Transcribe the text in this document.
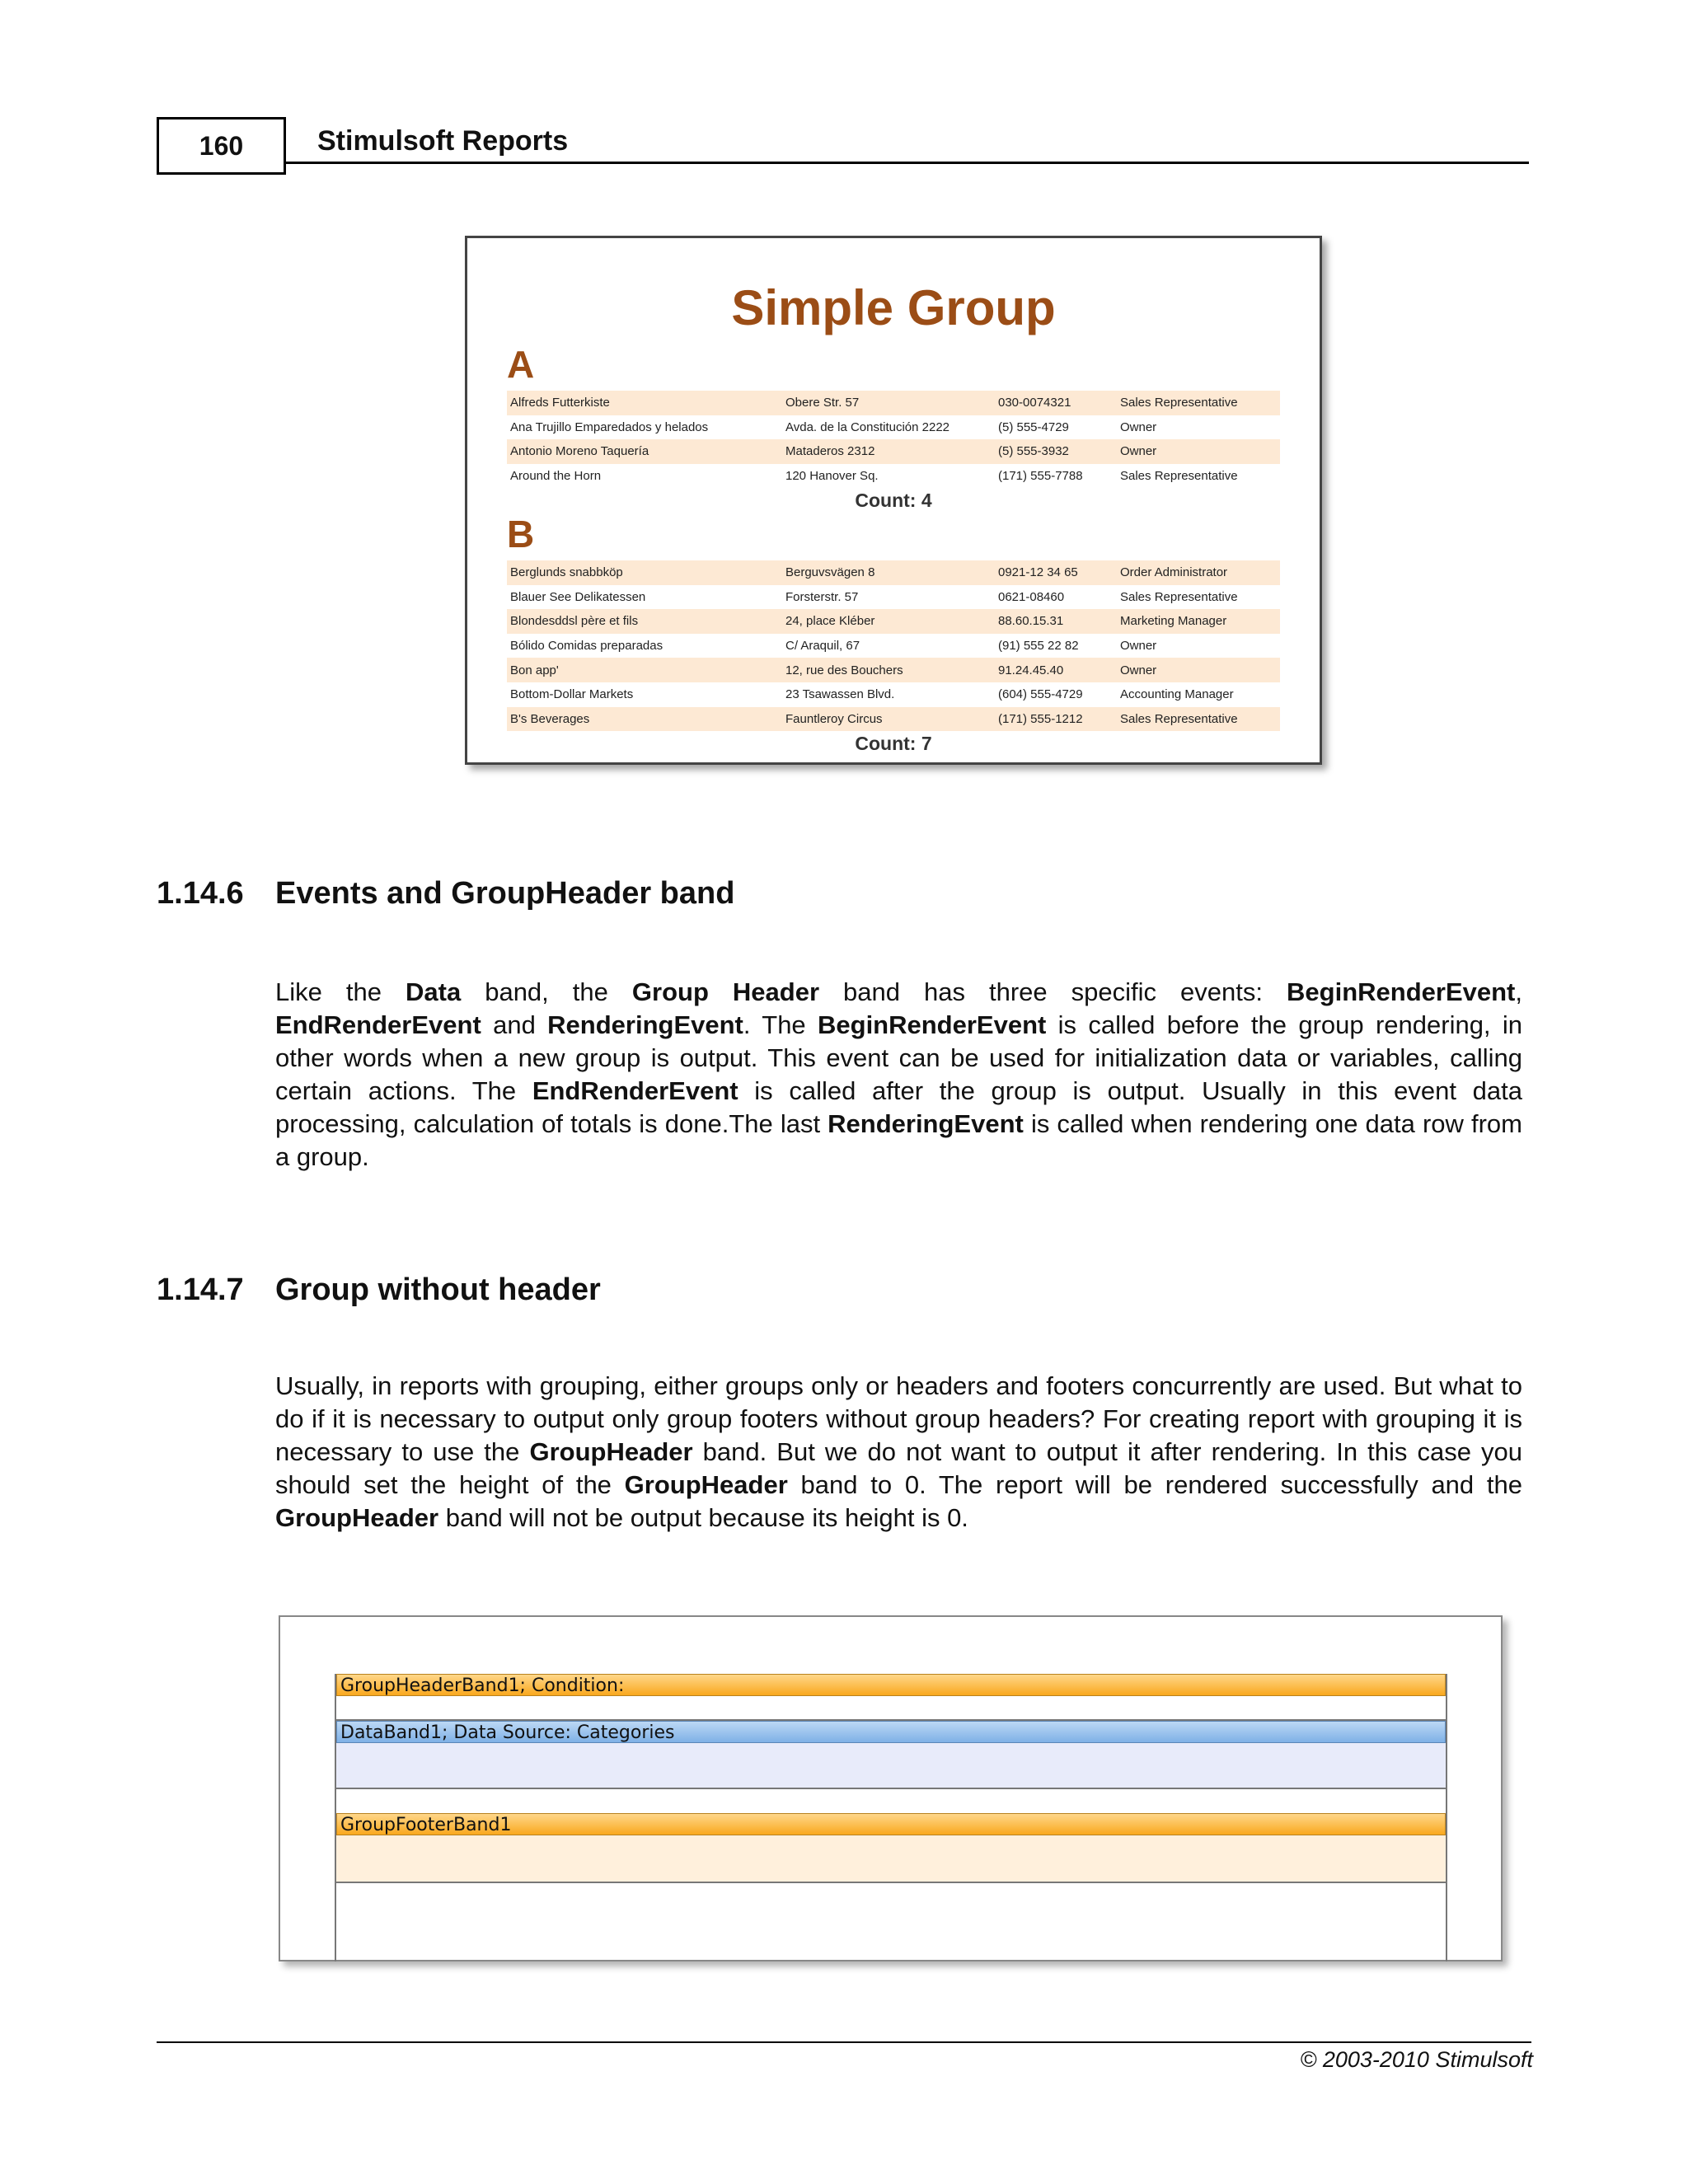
160	Stimulsoft Reports
Simple Group
A
Alfreds Futterkiste	Obere Str. 57	030-0074321	Sales Representative
Ana Trujillo Emparedados y helados	Avda. de la Constitución 2222	(5) 555-4729	Owner
Antonio Moreno Taquería	Mataderos 2312	(5) 555-3932	Owner
Around the Horn	120 Hanover Sq.	(171) 555-7788	Sales Representative
Count: 4
B
Berglunds snabbköp	Berguvsvägen 8	0921-12 34 65	Order Administrator
Blauer See Delikatessen	Forsterstr. 57	0621-08460	Sales Representative
Blondesddsl père et fils	24, place Kléber	88.60.15.31	Marketing Manager
Bólido Comidas preparadas	C/ Araquil, 67	(91) 555 22 82	Owner
Bon app'	12, rue des Bouchers	91.24.45.40	Owner
Bottom-Dollar Markets	23 Tsawassen Blvd.	(604) 555-4729	Accounting Manager
B's Beverages	Fauntleroy Circus	(171) 555-1212	Sales Representative
Count: 7
1.14.6 Events and GroupHeader band
Like the Data band, the Group Header band has three specific events: BeginRenderEvent, EndRenderEvent and RenderingEvent. The BeginRenderEvent is called before the group rendering, in other words when a new group is output. This event can be used for initialization data or variables, calling certain actions. The EndRenderEvent is called after the group is output. Usually in this event data processing, calculation of totals is done.The last RenderingEvent is called when rendering one data row from a group.
1.14.7 Group without header
Usually, in reports with grouping, either groups only or headers and footers concurrently are used. But what to do if it is necessary to output only group footers without group headers? For creating report with grouping it is necessary to use the GroupHeader band. But we do not want to output it after rendering. In this case you should set the height of the GroupHeader band to 0. The report will be rendered successfully and the GroupHeader band will not be output because its height is 0.
GroupHeaderBand1; Condition:
DataBand1; Data Source: Categories
GroupFooterBand1
© 2003-2010 Stimulsoft
